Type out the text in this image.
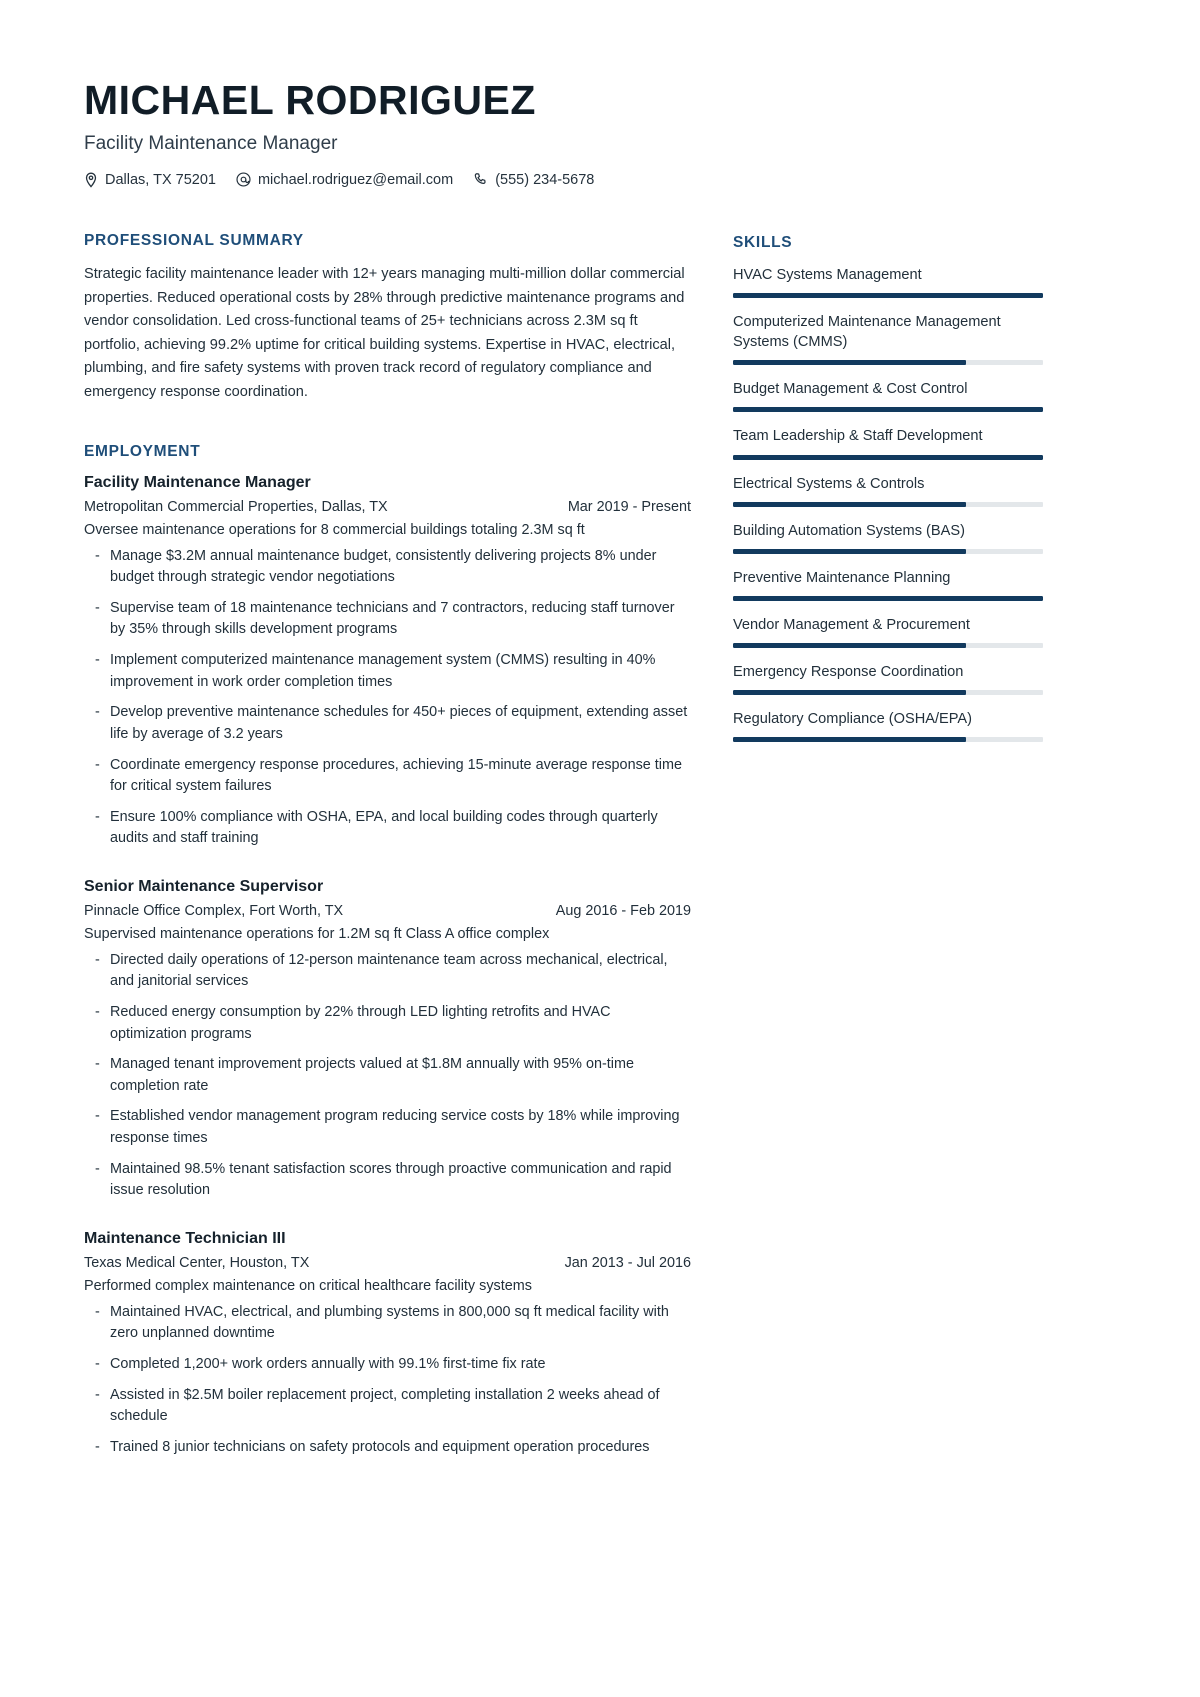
MICHAEL RODRIGUEZ
Facility Maintenance Manager
Dallas, TX 75201	michael.rodriguez@email.com	(555) 234-5678
PROFESSIONAL SUMMARY
Strategic facility maintenance leader with 12+ years managing multi-million dollar commercial properties. Reduced operational costs by 28% through predictive maintenance programs and vendor consolidation. Led cross-functional teams of 25+ technicians across 2.3M sq ft portfolio, achieving 99.2% uptime for critical building systems. Expertise in HVAC, electrical, plumbing, and fire safety systems with proven track record of regulatory compliance and emergency response coordination.
EMPLOYMENT
Facility Maintenance Manager
Metropolitan Commercial Properties, Dallas, TX	Mar 2019 - Present
Oversee maintenance operations for 8 commercial buildings totaling 2.3M sq ft
- Manage $3.2M annual maintenance budget, consistently delivering projects 8% under budget through strategic vendor negotiations
- Supervise team of 18 maintenance technicians and 7 contractors, reducing staff turnover by 35% through skills development programs
- Implement computerized maintenance management system (CMMS) resulting in 40% improvement in work order completion times
- Develop preventive maintenance schedules for 450+ pieces of equipment, extending asset life by average of 3.2 years
- Coordinate emergency response procedures, achieving 15-minute average response time for critical system failures
- Ensure 100% compliance with OSHA, EPA, and local building codes through quarterly audits and staff training
Senior Maintenance Supervisor
Pinnacle Office Complex, Fort Worth, TX	Aug 2016 - Feb 2019
Supervised maintenance operations for 1.2M sq ft Class A office complex
- Directed daily operations of 12-person maintenance team across mechanical, electrical, and janitorial services
- Reduced energy consumption by 22% through LED lighting retrofits and HVAC optimization programs
- Managed tenant improvement projects valued at $1.8M annually with 95% on-time completion rate
- Established vendor management program reducing service costs by 18% while improving response times
- Maintained 98.5% tenant satisfaction scores through proactive communication and rapid issue resolution
Maintenance Technician III
Texas Medical Center, Houston, TX	Jan 2013 - Jul 2016
Performed complex maintenance on critical healthcare facility systems
- Maintained HVAC, electrical, and plumbing systems in 800,000 sq ft medical facility with zero unplanned downtime
- Completed 1,200+ work orders annually with 99.1% first-time fix rate
- Assisted in $2.5M boiler replacement project, completing installation 2 weeks ahead of schedule
- Trained 8 junior technicians on safety protocols and equipment operation procedures
SKILLS
HVAC Systems Management
Computerized Maintenance Management Systems (CMMS)
Budget Management & Cost Control
Team Leadership & Staff Development
Electrical Systems & Controls
Building Automation Systems (BAS)
Preventive Maintenance Planning
Vendor Management & Procurement
Emergency Response Coordination
Regulatory Compliance (OSHA/EPA)
